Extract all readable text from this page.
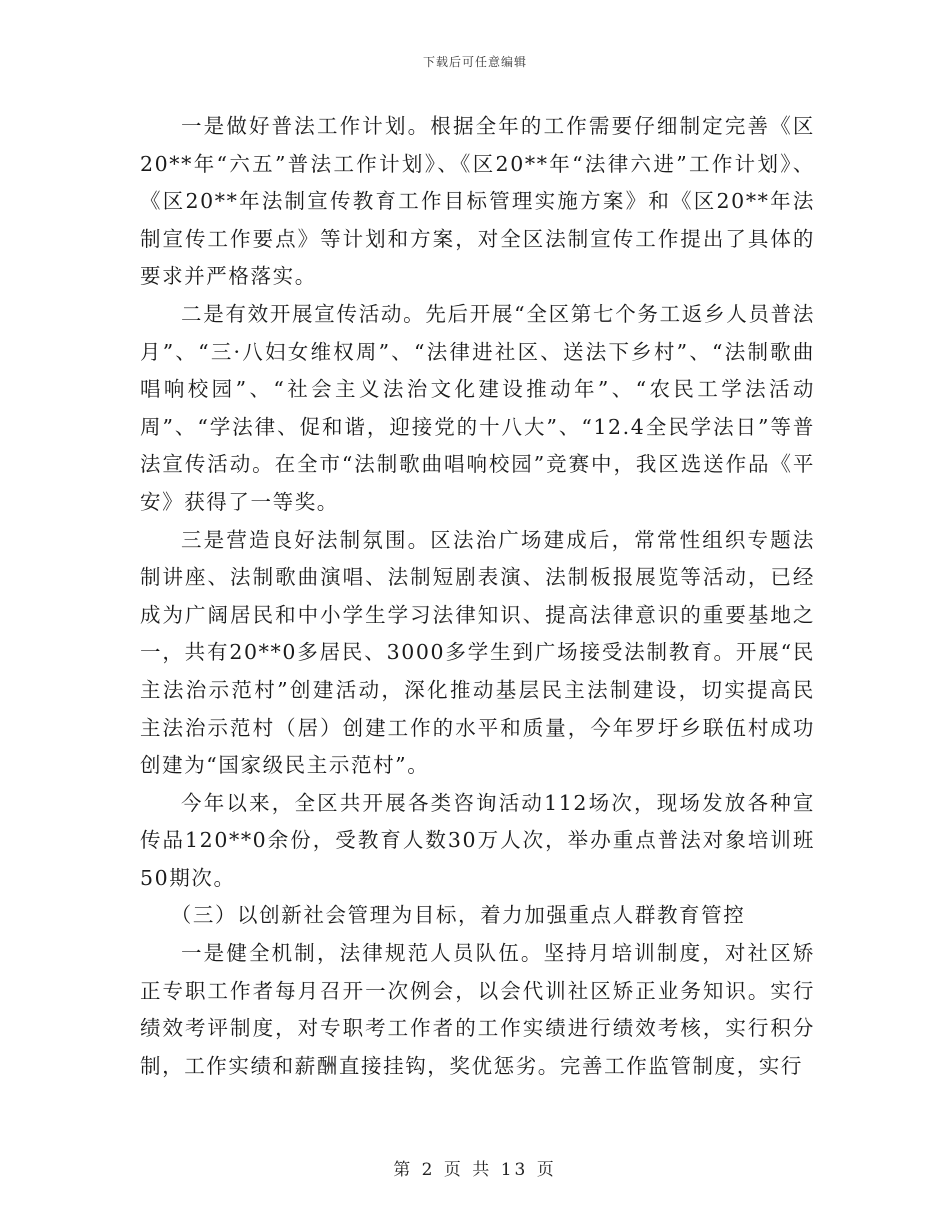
下载后可任意编辑

一是做好普法工作计划。根据全年的工作需要仔细制定完善《区20**年“六五”普法工作计划》、《区20**年“法律六进”工作计划》、《区20**年法制宣传教育工作目标管理实施方案》和《区20**年法制宣传工作要点》等计划和方案，对全区法制宣传工作提出了具体的要求并严格落实。

二是有效开展宣传活动。先后开展“全区第七个务工返乡人员普法月”、“三·八妇女维权周”、“法律进社区、送法下乡村”、“法制歌曲唱响校园”、“社会主义法治文化建设推动年”、“农民工学法活动周”、“学法律、促和谐，迎接党的十八大”、“12.4全民学法日”等普法宣传活动。在全市“法制歌曲唱响校园”竞赛中，我区选送作品《平安》获得了一等奖。

三是营造良好法制氛围。区法治广场建成后，常常性组织专题法制讲座、法制歌曲演唱、法制短剧表演、法制板报展览等活动，已经成为广阔居民和中小学生学习法律知识、提高法律意识的重要基地之一，共有20**0多居民、3000多学生到广场接受法制教育。开展“民主法治示范村”创建活动，深化推动基层民主法制建设，切实提高民主法治示范村（居）创建工作的水平和质量，今年罗圩乡联伍村成功创建为“国家级民主示范村”。

今年以来，全区共开展各类咨询活动112场次，现场发放各种宣传品120**0余份，受教育人数30万人次，举办重点普法对象培训班50期次。

（三）以创新社会管理为目标，着力加强重点人群教育管控

一是健全机制，法律规范人员队伍。坚持月培训制度，对社区矫正专职工作者每月召开一次例会，以会代训社区矫正业务知识。实行绩效考评制度，对专职考工作者的工作实绩进行绩效考核，实行积分制，工作实绩和薪酬直接挂钩，奖优惩劣。完善工作监管制度，实行

第 2 页 共 13 页
